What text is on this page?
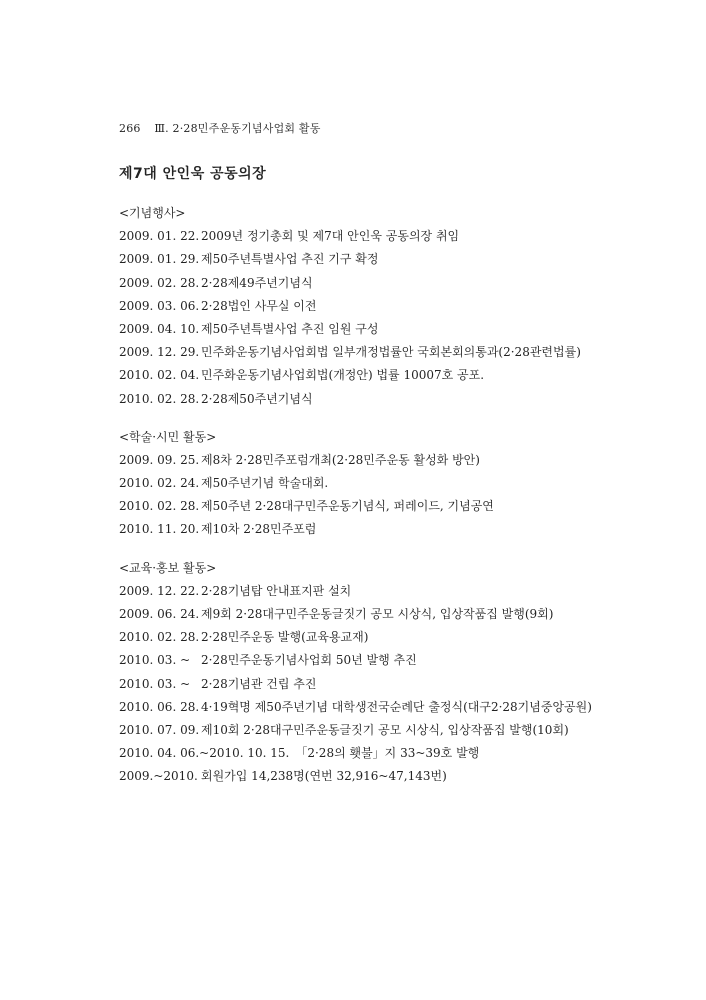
266 Ⅲ. 2·28민주운동기념사업회 활동
제7대 안인욱 공동의장
<기념행사>
2009. 01. 22. 2009년 정기총회 및 제7대 안인욱 공동의장 취임
2009. 01. 29. 제50주년특별사업 추진 기구 확정
2009. 02. 28. 2·28제49주년기념식
2009. 03. 06. 2·28법인 사무실 이전
2009. 04. 10. 제50주년특별사업 추진 임원 구성
2009. 12. 29. 민주화운동기념사업회법 일부개정법률안 국회본회의통과(2·28관련법률)
2010. 02. 04. 민주화운동기념사업회법(개정안) 법률 10007호 공포.
2010. 02. 28. 2·28제50주년기념식
<학술·시민 활동>
2009. 09. 25. 제8차 2·28민주포럼개최(2·28민주운동 활성화 방안)
2010. 02. 24. 제50주년기념 학술대회.
2010. 02. 28. 제50주년 2·28대구민주운동기념식, 퍼레이드, 기념공연
2010. 11. 20. 제10차 2·28민주포럼
<교육·홍보 활동>
2009. 12. 22. 2·28기념탑 안내표지판 설치
2009. 06. 24. 제9회 2·28대구민주운동글짓기 공모 시상식, 입상작품집 발행(9회)
2010. 02. 28. 2·28민주운동 발행(교육용교재)
2010. 03. ~ 2·28민주운동기념사업회 50년 발행 추진
2010. 03. ~ 2·28기념관 건립 추진
2010. 06. 28. 4·19혁명 제50주년기념 대학생전국순례단 출정식(대구2·28기념중앙공원)
2010. 07. 09. 제10회 2·28대구민주운동글짓기 공모 시상식, 입상작품집 발행(10회)
2010. 04. 06.~2010. 10. 15. 「2·28의 횃불」지 33~39호 발행
2009.~2010. 회원가입 14,238명(연번 32,916~47,143번)
